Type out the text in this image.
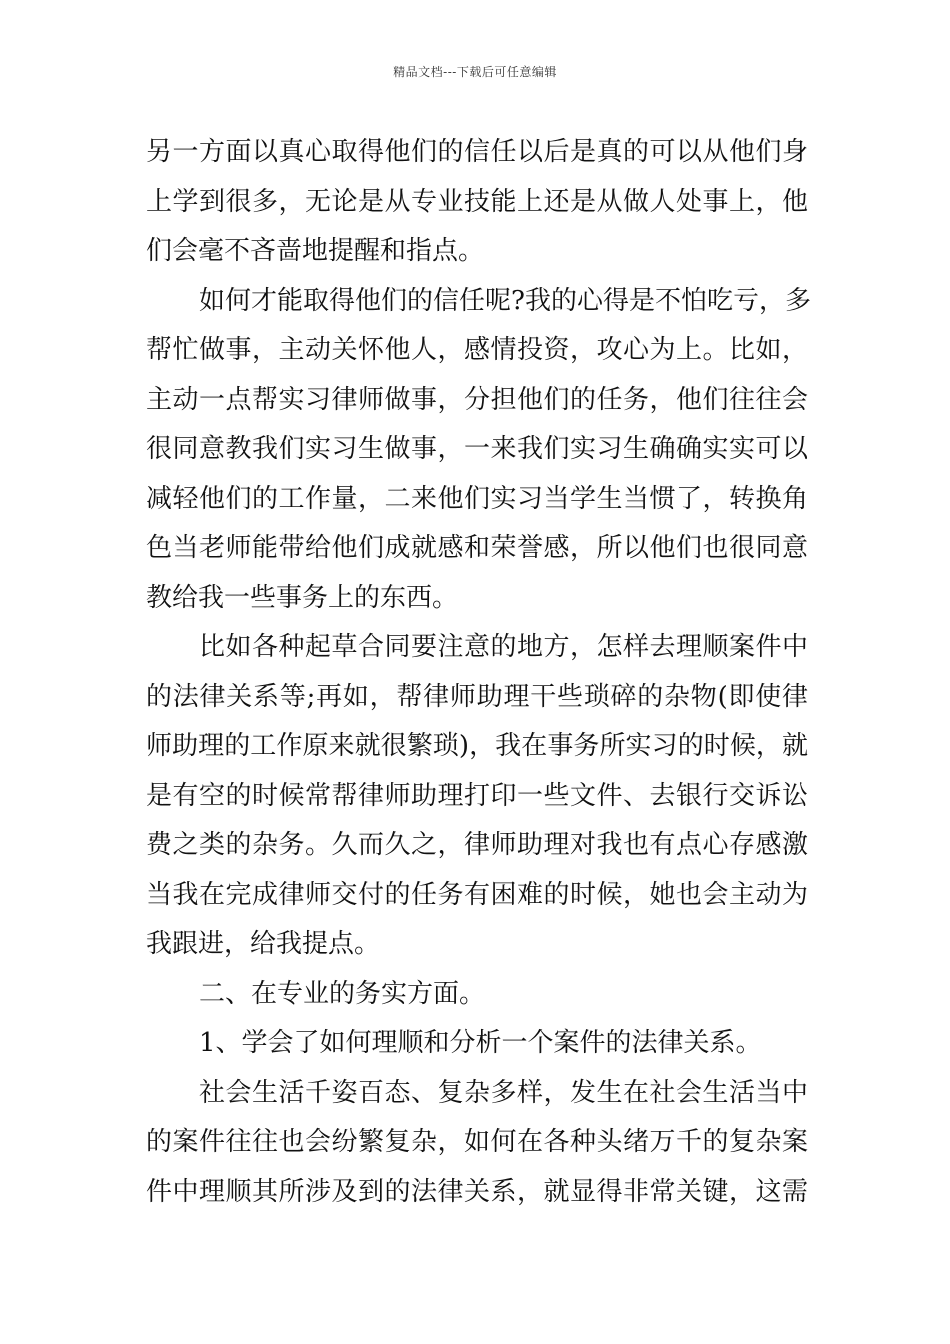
精品文档---下载后可任意编辑
另一方面以真心取得他们的信任以后是真的可以从他们身
上学到很多，无论是从专业技能上还是从做人处事上，他
们会毫不吝啬地提醒和指点。
如何才能取得他们的信任呢?我的心得是不怕吃亏，多
帮忙做事，主动关怀他人，感情投资，攻心为上。比如，
主动一点帮实习律师做事，分担他们的任务，他们往往会
很同意教我们实习生做事，一来我们实习生确确实实可以
减轻他们的工作量，二来他们实习当学生当惯了，转换角
色当老师能带给他们成就感和荣誉感，所以他们也很同意
教给我一些事务上的东西。
比如各种起草合同要注意的地方，怎样去理顺案件中
的法律关系等;再如，帮律师助理干些琐碎的杂物(即使律
师助理的工作原来就很繁琐)，我在事务所实习的时候，就
是有空的时候常帮律师助理打印一些文件、去银行交诉讼
费之类的杂务。久而久之，律师助理对我也有点心存感激
当我在完成律师交付的任务有困难的时候，她也会主动为
我跟进，给我提点。
二、在专业的务实方面。
1、学会了如何理顺和分析一个案件的法律关系。
社会生活千姿百态、复杂多样，发生在社会生活当中
的案件往往也会纷繁复杂，如何在各种头绪万千的复杂案
件中理顺其所涉及到的法律关系，就显得非常关键，这需
